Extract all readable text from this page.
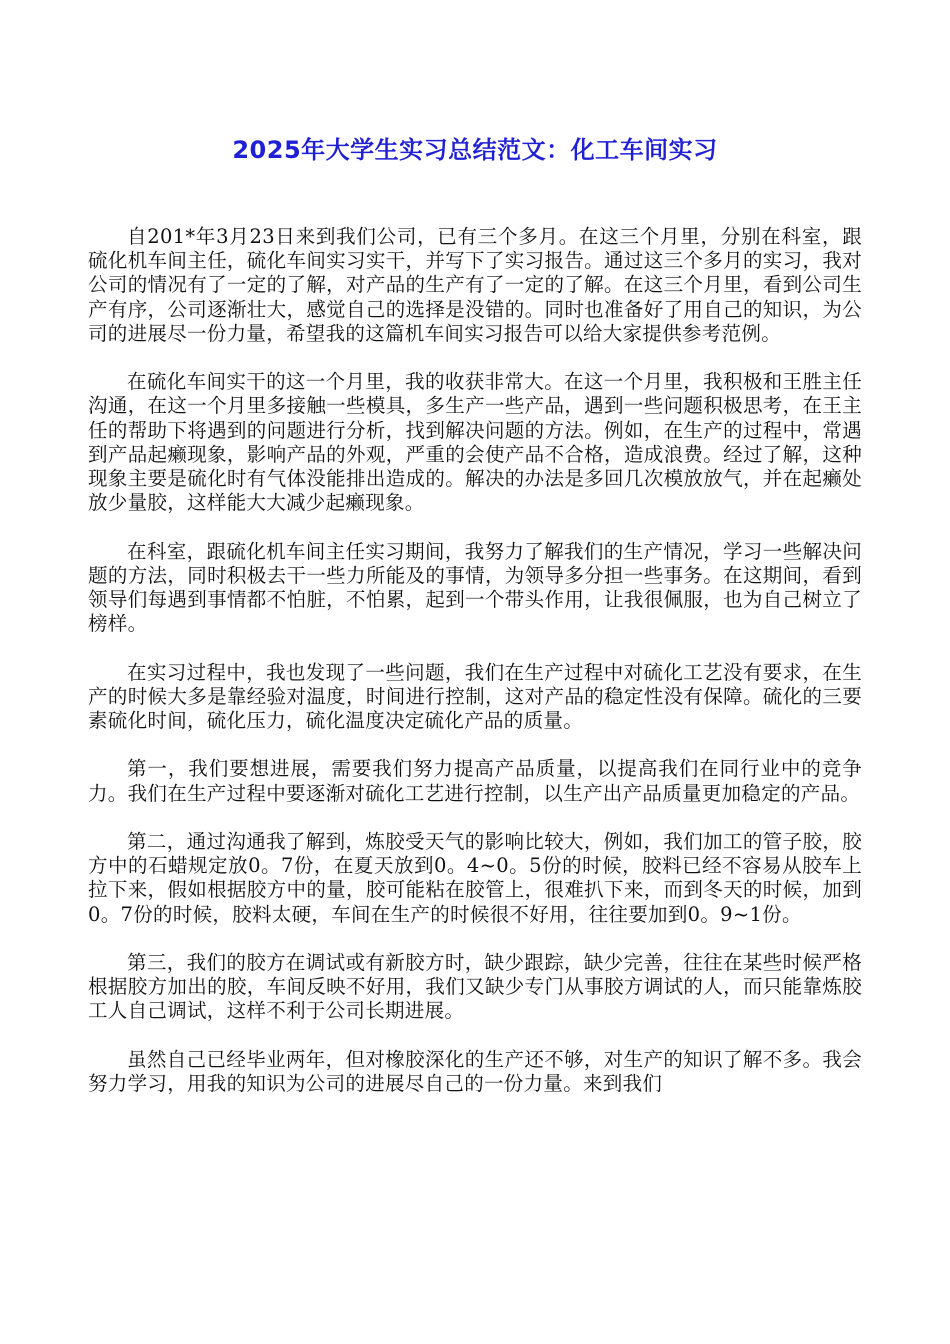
2025年大学生实习总结范文：化工车间实习

自201*年3月23日来到我们公司，已有三个多月。在这三个月里，分别在科室，跟硫化机车间主任，硫化车间实习实干，并写下了实习报告。通过这三个多月的实习，我对公司的情况有了一定的了解，对产品的生产有了一定的了解。在这三个月里，看到公司生产有序，公司逐渐壮大，感觉自己的选择是没错的。同时也准备好了用自己的知识，为公司的进展尽一份力量，希望我的这篇机车间实习报告可以给大家提供参考范例。

在硫化车间实干的这一个月里，我的收获非常大。在这一个月里，我积极和王胜主任沟通，在这一个月里多接触一些模具，多生产一些产品，遇到一些问题积极思考，在王主任的帮助下将遇到的问题进行分析，找到解决问题的方法。例如，在生产的过程中，常遇到产品起癞现象，影响产品的外观，严重的会使产品不合格，造成浪费。经过了解，这种现象主要是硫化时有气体没能排出造成的。解决的办法是多回几次模放放气，并在起癞处放少量胶，这样能大大减少起癞现象。

在科室，跟硫化机车间主任实习期间，我努力了解我们的生产情况，学习一些解决问题的方法，同时积极去干一些力所能及的事情，为领导多分担一些事务。在这期间，看到领导们每遇到事情都不怕脏，不怕累，起到一个带头作用，让我很佩服，也为自己树立了榜样。

在实习过程中，我也发现了一些问题，我们在生产过程中对硫化工艺没有要求，在生产的时候大多是靠经验对温度，时间进行控制，这对产品的稳定性没有保障。硫化的三要素硫化时间，硫化压力，硫化温度决定硫化产品的质量。

第一，我们要想进展，需要我们努力提高产品质量，以提高我们在同行业中的竞争力。我们在生产过程中要逐渐对硫化工艺进行控制，以生产出产品质量更加稳定的产品。

第二，通过沟通我了解到，炼胶受天气的影响比较大，例如，我们加工的管子胶，胶方中的石蜡规定放0。7份，在夏天放到0。4~0。5份的时候，胶料已经不容易从胶车上拉下来，假如根据胶方中的量，胶可能粘在胶管上，很难扒下来，而到冬天的时候，加到0。7份的时候，胶料太硬，车间在生产的时候很不好用，往往要加到0。9~1份。

第三，我们的胶方在调试或有新胶方时，缺少跟踪，缺少完善，往往在某些时候严格根据胶方加出的胶，车间反映不好用，我们又缺少专门从事胶方调试的人，而只能靠炼胶工人自己调试，这样不利于公司长期进展。

虽然自己已经毕业两年，但对橡胶深化的生产还不够，对生产的知识了解不多。我会努力学习，用我的知识为公司的进展尽自己的一份力量。来到我们
